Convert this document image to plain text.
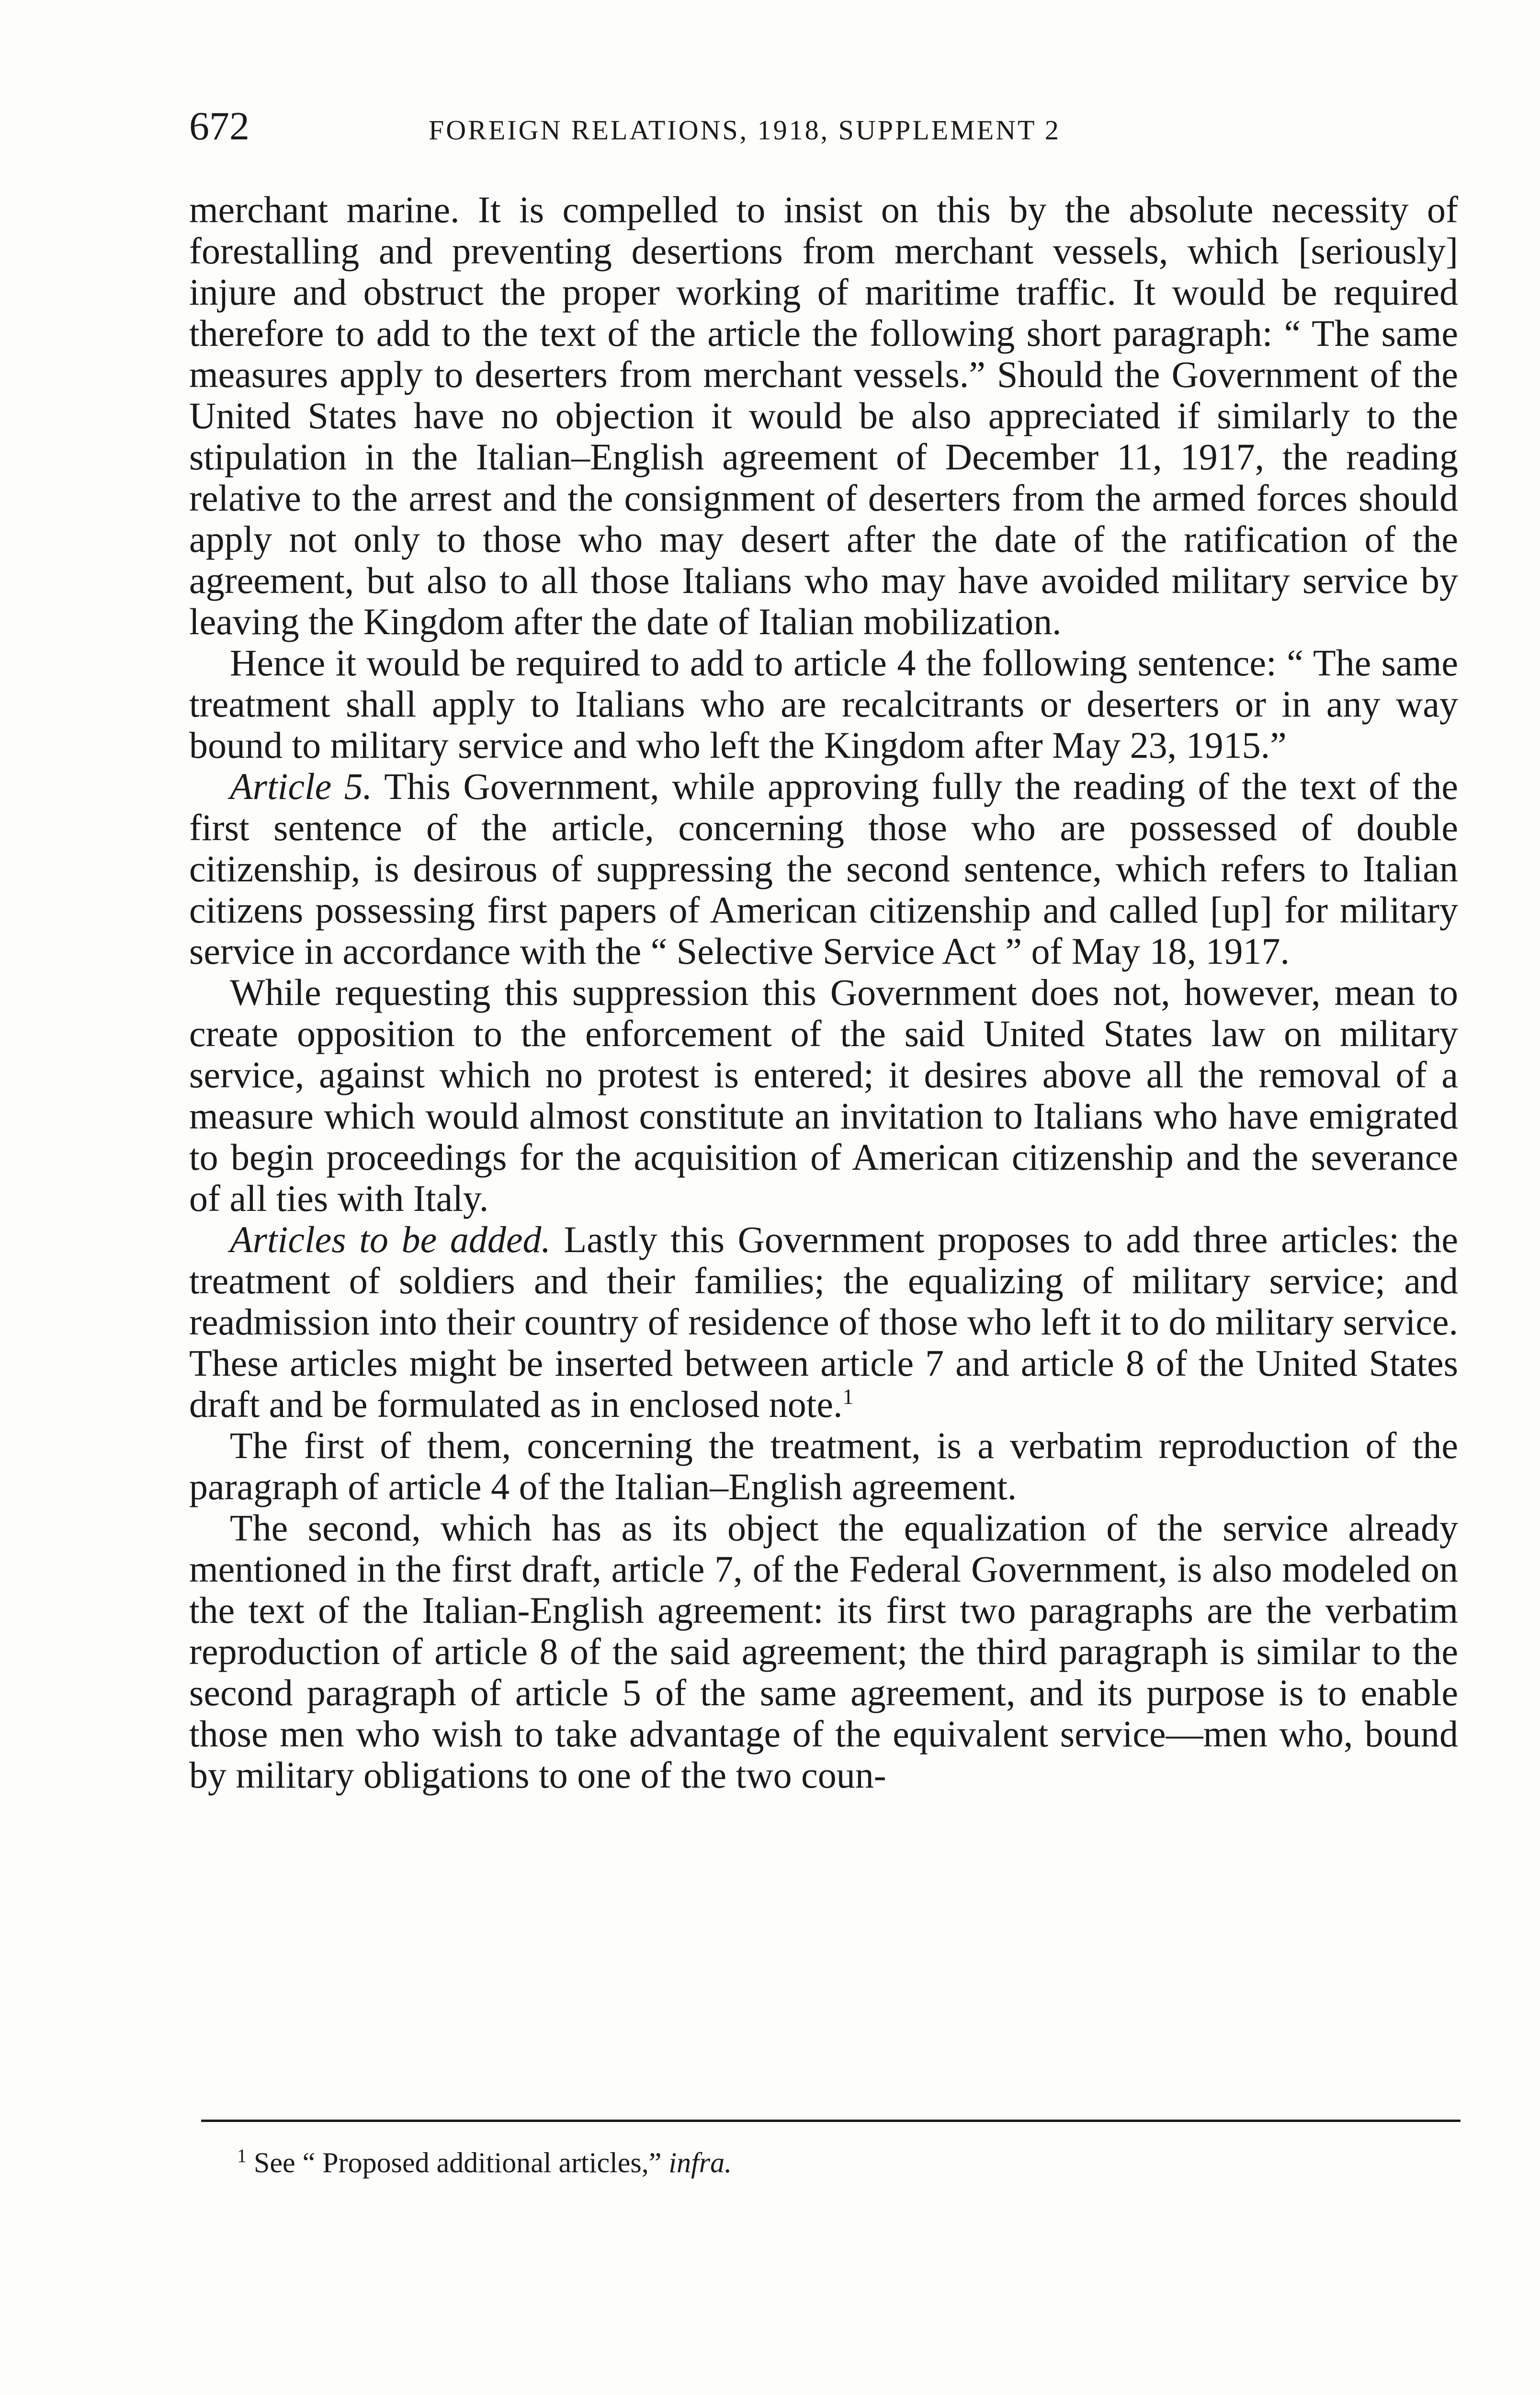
672	FOREIGN RELATIONS, 1918, SUPPLEMENT 2

merchant marine. It is compelled to insist on this by the absolute necessity of forestalling and preventing desertions from merchant vessels, which [seriously] injure and obstruct the proper working of maritime traffic. It would be required therefore to add to the text of the article the following short paragraph: “ The same measures apply to deserters from merchant vessels.” Should the Government of the United States have no objection it would be also appreciated if similarly to the stipulation in the Italian–English agreement of December 11, 1917, the reading relative to the arrest and the consignment of deserters from the armed forces should apply not only to those who may desert after the date of the ratification of the agreement, but also to all those Italians who may have avoided military service by leaving the Kingdom after the date of Italian mobilization.

Hence it would be required to add to article 4 the following sentence: “ The same treatment shall apply to Italians who are recalcitrants or deserters or in any way bound to military service and who left the Kingdom after May 23, 1915.”

Article 5. This Government, while approving fully the reading of the text of the first sentence of the article, concerning those who are possessed of double citizenship, is desirous of suppressing the second sentence, which refers to Italian citizens possessing first papers of American citizenship and called [up] for military service in accordance with the “ Selective Service Act ” of May 18, 1917.

While requesting this suppression this Government does not, however, mean to create opposition to the enforcement of the said United States law on military service, against which no protest is entered; it desires above all the removal of a measure which would almost constitute an invitation to Italians who have emigrated to begin proceedings for the acquisition of American citizenship and the severance of all ties with Italy.

Articles to be added. Lastly this Government proposes to add three articles: the treatment of soldiers and their families; the equalizing of military service; and readmission into their country of residence of those who left it to do military service. These articles might be inserted between article 7 and article 8 of the United States draft and be formulated as in enclosed note.$^1$

The first of them, concerning the treatment, is a verbatim reproduction of the paragraph of article 4 of the Italian–English agreement.

The second, which has as its object the equalization of the service already mentioned in the first draft, article 7, of the Federal Government, is also modeled on the text of the Italian-English agreement: its first two paragraphs are the verbatim reproduction of article 8 of the said agreement; the third paragraph is similar to the second paragraph of article 5 of the same agreement, and its purpose is to enable those men who wish to take advantage of the equivalent service—men who, bound by military obligations to one of the two coun-

$^1$ See “ Proposed additional articles,” infra.
